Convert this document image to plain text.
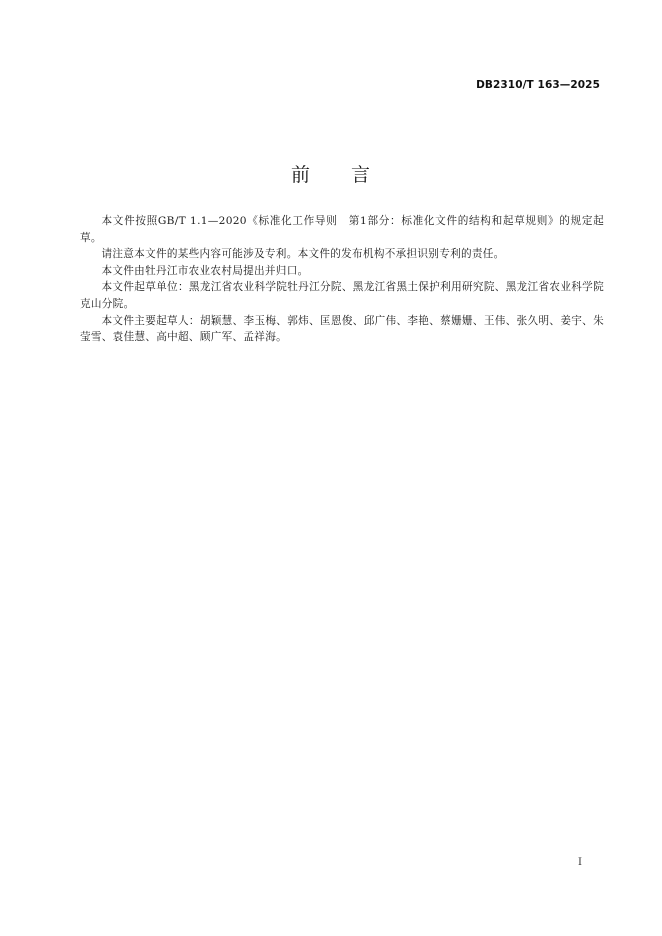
DB2310/T 163—2025
前 言

本文件按照GB/T 1.1—2020《标准化工作导则　第1部分：标准化文件的结构和起草规则》的规定起草。

请注意本文件的某些内容可能涉及专利。本文件的发布机构不承担识别专利的责任。

本文件由牡丹江市农业农村局提出并归口。

本文件起草单位：黑龙江省农业科学院牡丹江分院、黑龙江省黑土保护利用研究院、黑龙江省农业科学院克山分院。

本文件主要起草人：胡颖慧、李玉梅、郭炜、匡恩俊、邱广伟、李艳、蔡姗姗、王伟、张久明、姜宇、朱莹雪、袁佳慧、高中超、顾广军、孟祥海。

I
